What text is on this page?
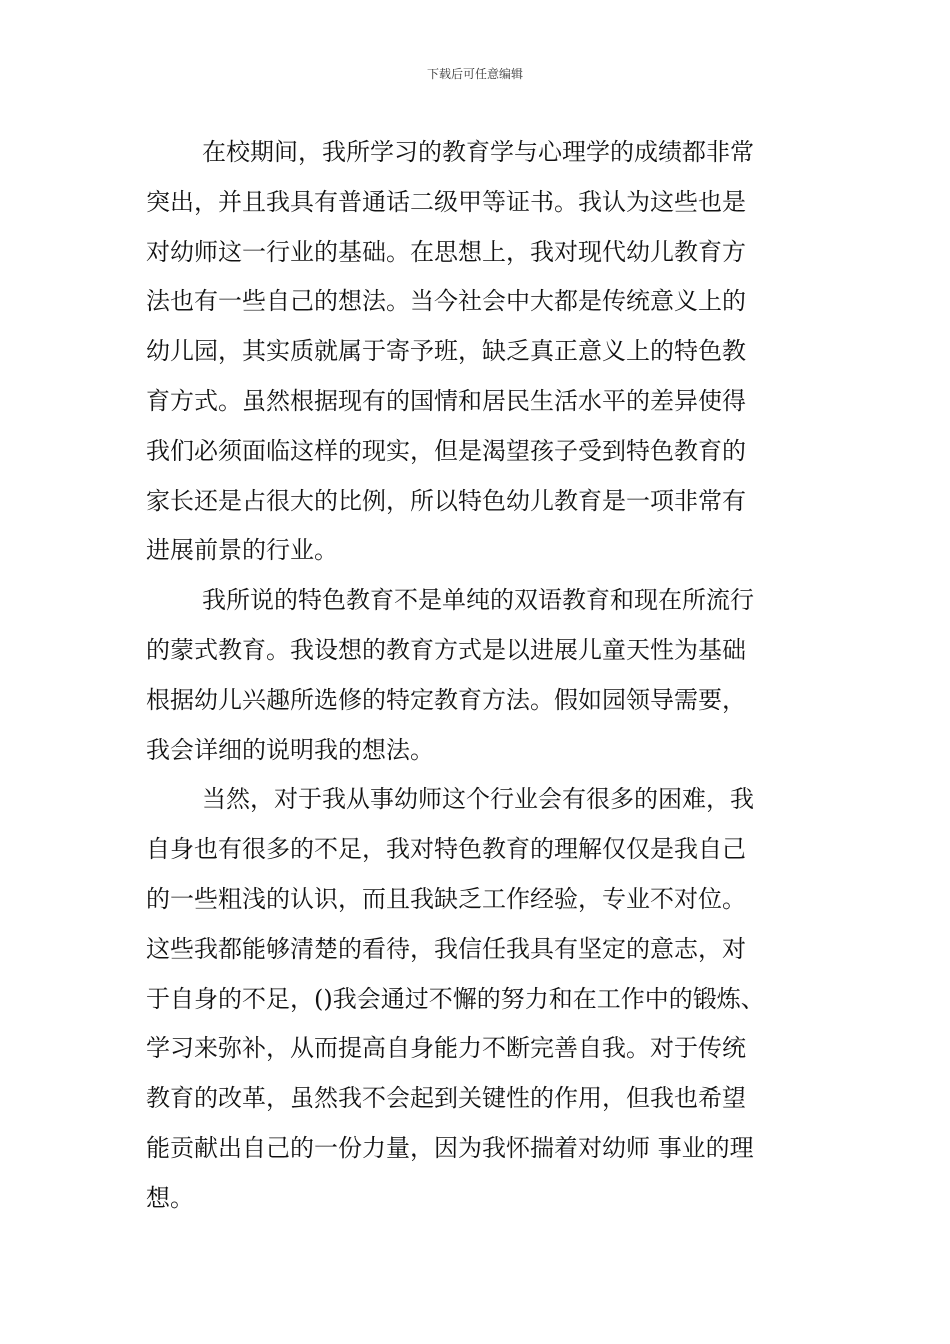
下载后可任意编辑
在校期间，我所学习的教育学与心理学的成绩都非常
突出，并且我具有普通话二级甲等证书。我认为这些也是
对幼师这一行业的基础。在思想上，我对现代幼儿教育方
法也有一些自己的想法。当今社会中大都是传统意义上的
幼儿园，其实质就属于寄予班，缺乏真正意义上的特色教
育方式。虽然根据现有的国情和居民生活水平的差异使得
我们必须面临这样的现实，但是渴望孩子受到特色教育的
家长还是占很大的比例，所以特色幼儿教育是一项非常有
进展前景的行业。
我所说的特色教育不是单纯的双语教育和现在所流行
的蒙式教育。我设想的教育方式是以进展儿童天性为基础
根据幼儿兴趣所选修的特定教育方法。假如园领导需要，
我会详细的说明我的想法。
当然，对于我从事幼师这个行业会有很多的困难，我
自身也有很多的不足，我对特色教育的理解仅仅是我自己
的一些粗浅的认识，而且我缺乏工作经验，专业不对位。
这些我都能够清楚的看待，我信任我具有坚定的意志，对
于自身的不足，()我会通过不懈的努力和在工作中的锻炼、
学习来弥补，从而提高自身能力不断完善自我。对于传统
教育的改革，虽然我不会起到关键性的作用，但我也希望
能贡献出自己的一份力量，因为我怀揣着对幼师 事业的理
想。
